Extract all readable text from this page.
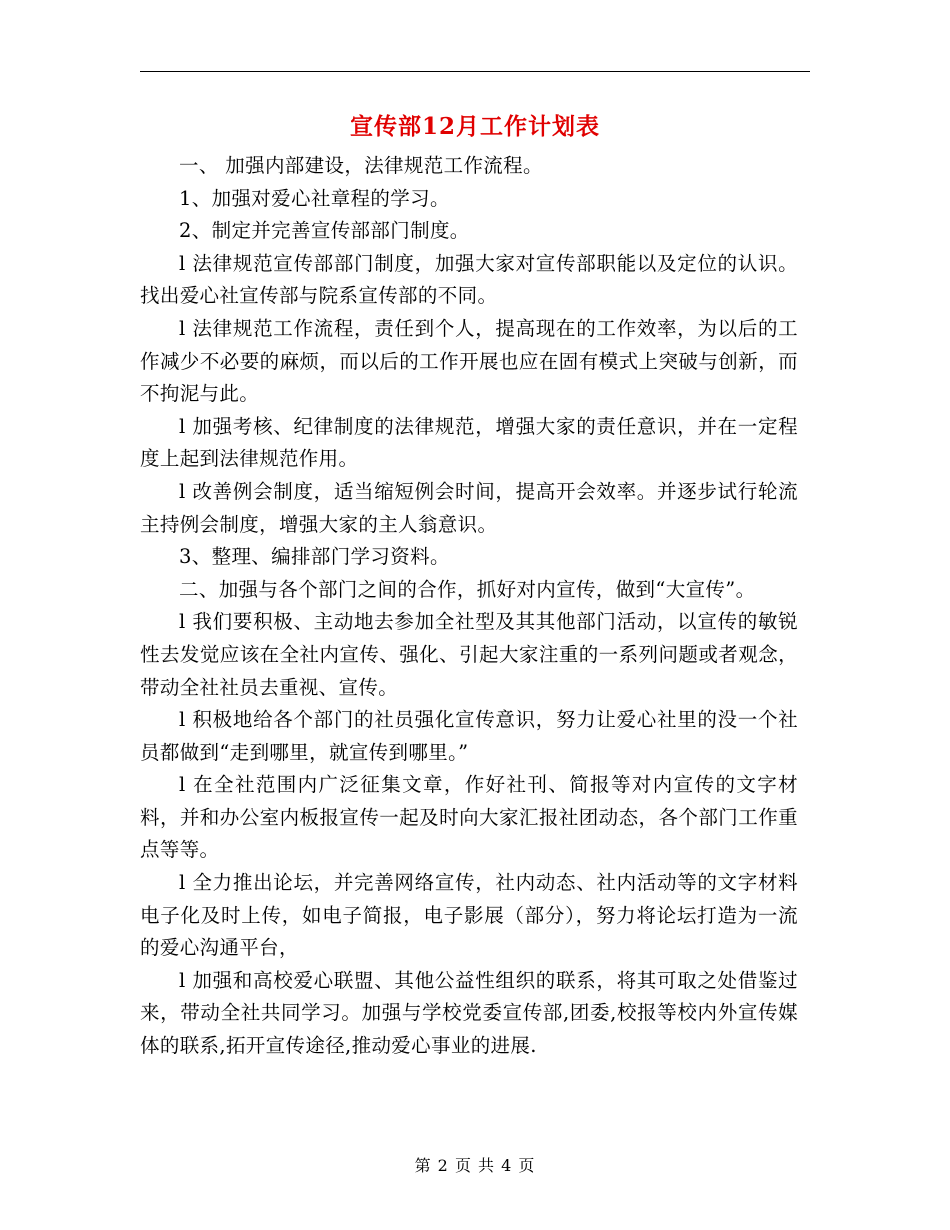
宣传部12月工作计划表

一、 加强内部建设，法律规范工作流程。

1、加强对爱心社章程的学习。

2、制定并完善宣传部部门制度。

l 法律规范宣传部部门制度，加强大家对宣传部职能以及定位的认识。找出爱心社宣传部与院系宣传部的不同。

l 法律规范工作流程，责任到个人，提高现在的工作效率，为以后的工作减少不必要的麻烦，而以后的工作开展也应在固有模式上突破与创新，而不拘泥与此。

l 加强考核、纪律制度的法律规范，增强大家的责任意识，并在一定程度上起到法律规范作用。

l 改善例会制度，适当缩短例会时间，提高开会效率。并逐步试行轮流主持例会制度，增强大家的主人翁意识。

3、整理、编排部门学习资料。

二、加强与各个部门之间的合作，抓好对内宣传，做到“大宣传”。

l 我们要积极、主动地去参加全社型及其其他部门活动，以宣传的敏锐性去发觉应该在全社内宣传、强化、引起大家注重的一系列问题或者观念，带动全社社员去重视、宣传。

l 积极地给各个部门的社员强化宣传意识，努力让爱心社里的没一个社员都做到“走到哪里，就宣传到哪里。”

l 在全社范围内广泛征集文章，作好社刊、简报等对内宣传的文字材料，并和办公室内板报宣传一起及时向大家汇报社团动态，各个部门工作重点等等。

l 全力推出论坛，并完善网络宣传，社内动态、社内活动等的文字材料电子化及时上传，如电子简报，电子影展（部分），努力将论坛打造为一流的爱心沟通平台，

l 加强和高校爱心联盟、其他公益性组织的联系，将其可取之处借鉴过来，带动全社共同学习。加强与学校党委宣传部,团委,校报等校内外宣传媒体的联系,拓开宣传途径,推动爱心事业的进展.

第 2 页 共 4 页
